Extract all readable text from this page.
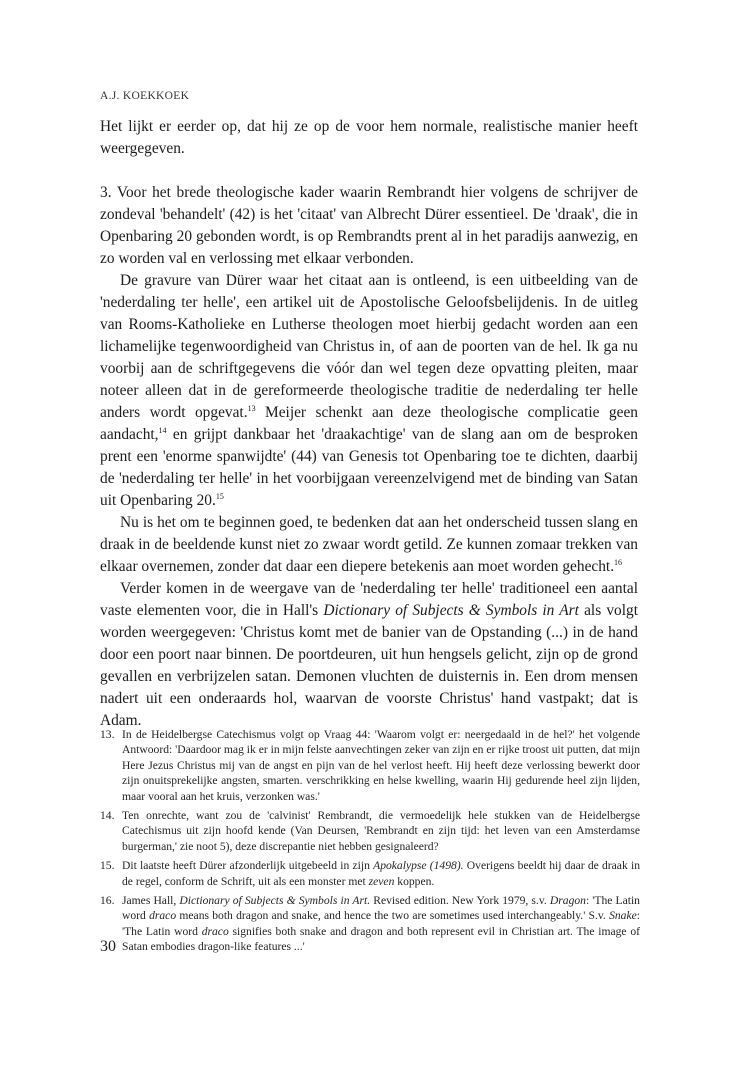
A.J. KOEKKOEK

Het lijkt er eerder op, dat hij ze op de voor hem normale, realistische manier heeft weergegeven.

3. Voor het brede theologische kader waarin Rembrandt hier volgens de schrijver de zondeval 'behandelt' (42) is het 'citaat' van Albrecht Dürer essentieel. De 'draak', die in Openbaring 20 gebonden wordt, is op Rembrandts prent al in het paradijs aanwezig, en zo worden val en verlossing met elkaar verbonden.

De gravure van Dürer waar het citaat aan is ontleend, is een uitbeelding van de 'nederdaling ter helle', een artikel uit de Apostolische Geloofsbelijdenis. In de uitleg van Rooms-Katholieke en Lutherse theologen moet hierbij gedacht worden aan een lichamelijke tegenwoordigheid van Christus in, of aan de poorten van de hel. Ik ga nu voorbij aan de schriftgegevens die vóór dan wel tegen deze opvatting pleiten, maar noteer alleen dat in de gereformeerde theologische traditie de nederdaling ter helle anders wordt opgevat.$^{13}$ Meijer schenkt aan deze theologische complicatie geen aandacht,$^{14}$ en grijpt dankbaar het 'draakachtige' van de slang aan om de besproken prent een 'enorme spanwijdte' (44) van Genesis tot Openbaring toe te dichten, daarbij de 'nederdaling ter helle' in het voorbijgaan vereenzelvigend met de binding van Satan uit Openbaring 20.15

Nu is het om te beginnen goed, te bedenken dat aan het onderscheid tussen slang en draak in de beeldende kunst niet zo zwaar wordt getild. Ze kunnen zomaar trekken van elkaar overnemen, zonder dat daar een diepere betekenis aan moet worden gehecht.$^{16}$

Verder komen in de weergave van de 'nederdaling ter helle' traditioneel een aantal vaste elementen voor, die in Hall's Dictionary of Subjects & Symbols in Art als volgt worden weergegeven: 'Christus komt met de banier van de Opstanding (...) in de hand door een poort naar binnen. De poortdeuren, uit hun hengsels gelicht, zijn op de grond gevallen en verbrijzelen satan. Demonen vluchten de duisternis in. Een drom mensen nadert uit een onderaards hol, waarvan de voorste Christus' hand vastpakt; dat is Adam.

13. In de Heidelbergse Catechismus volgt op Vraag 44: 'Waarom volgt er: neergedaald in de hel?' het volgende Antwoord: 'Daardoor mag ik er in mijn felste aanvechtingen zeker van zijn en er rijke troost uit putten, dat mijn Here Jezus Christus mij van de angst en pijn van de hel verlost heeft. Hij heeft deze verlossing bewerkt door zijn onuitsprekelijke angsten, smarten. verschrikking en helse kwelling, waarin Hij gedurende heel zijn lijden, maar vooral aan het kruis, verzonken was.'
14. Ten onrechte, want zou de 'calvinist' Rembrandt, die vermoedelijk hele stukken van de Heidelbergse Catechismus uit zijn hoofd kende (Van Deursen, 'Rembrandt en zijn tijd: het leven van een Amsterdamse burgerman,' zie noot 5), deze discrepantie niet hebben gesignaleerd?
15. Dit laatste heeft Dürer afzonderlijk uitgebeeld in zijn Apokalypse (1498). Overigens beeldt hij daar de draak in de regel, conform de Schrift, uit als een monster met zeven koppen.
16. James Hall, Dictionary of Subjects & Symbols in Art. Revised edition. New York 1979, s.v. Dragon: 'The Latin word draco means both dragon and snake, and hence the two are sometimes used interchangeably.' S.v. Snake: 'The Latin word draco signifies both snake and dragon and both represent evil in Christian art. The image of Satan embodies dragon-like features ...'
30
